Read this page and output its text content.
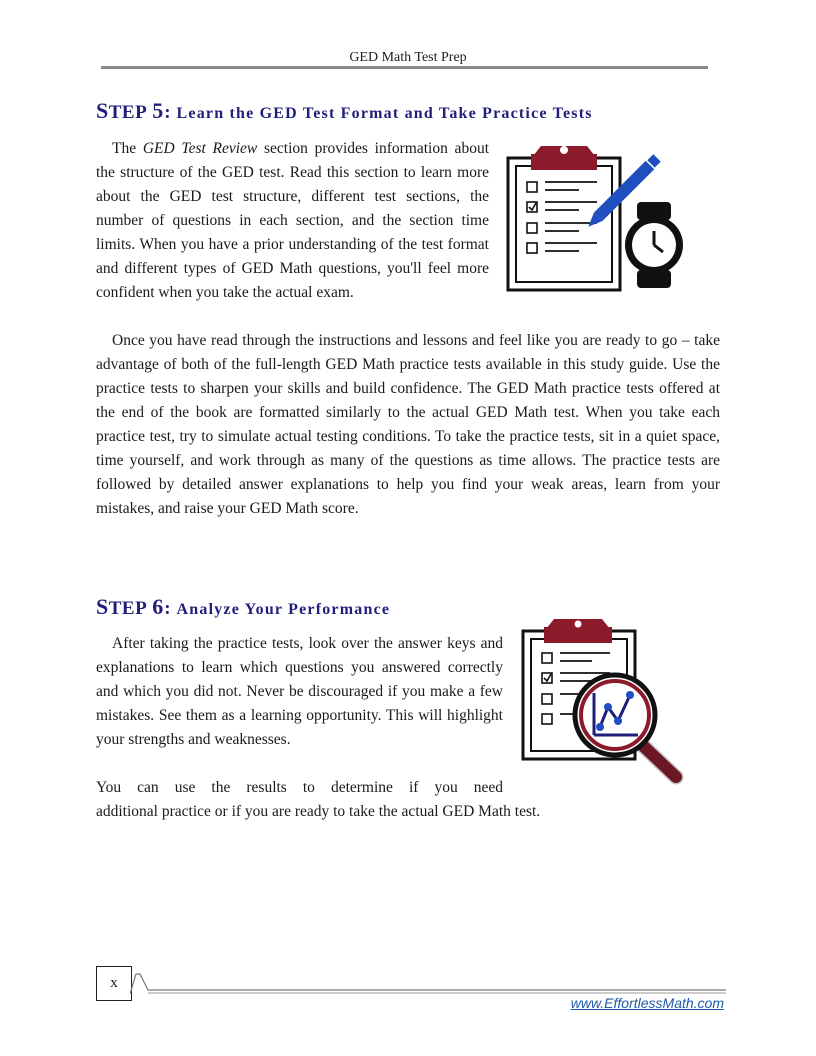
GED Math Test Prep
STEP 5: Learn the GED Test Format and Take Practice Tests

The GED Test Review section provides information about the structure of the GED test. Read this section to learn more about the GED test structure, different test sections, the number of questions in each section, and the section time limits. When you have a prior understanding of the test format and different types of GED Math questions, you'll feel more confident when you take the actual exam.

Once you have read through the instructions and lessons and feel like you are ready to go – take advantage of both of the full-length GED Math practice tests available in this study guide. Use the practice tests to sharpen your skills and build confidence. The GED Math practice tests offered at the end of the book are formatted similarly to the actual GED Math test. When you take each practice test, try to simulate actual testing conditions. To take the practice tests, sit in a quiet space, time yourself, and work through as many of the questions as time allows. The practice tests are followed by detailed answer explanations to help you find your weak areas, learn from your mistakes, and raise your GED Math score.

STEP 6: Analyze Your Performance

After taking the practice tests, look over the answer keys and explanations to learn which questions you answered correctly and which you did not. Never be discouraged if you make a few mistakes. See them as a learning opportunity. This will highlight your strengths and weaknesses.

You can use the results to determine if you need

additional practice or if you are ready to take the actual GED Math test.

x
www.EffortlessMath.com
